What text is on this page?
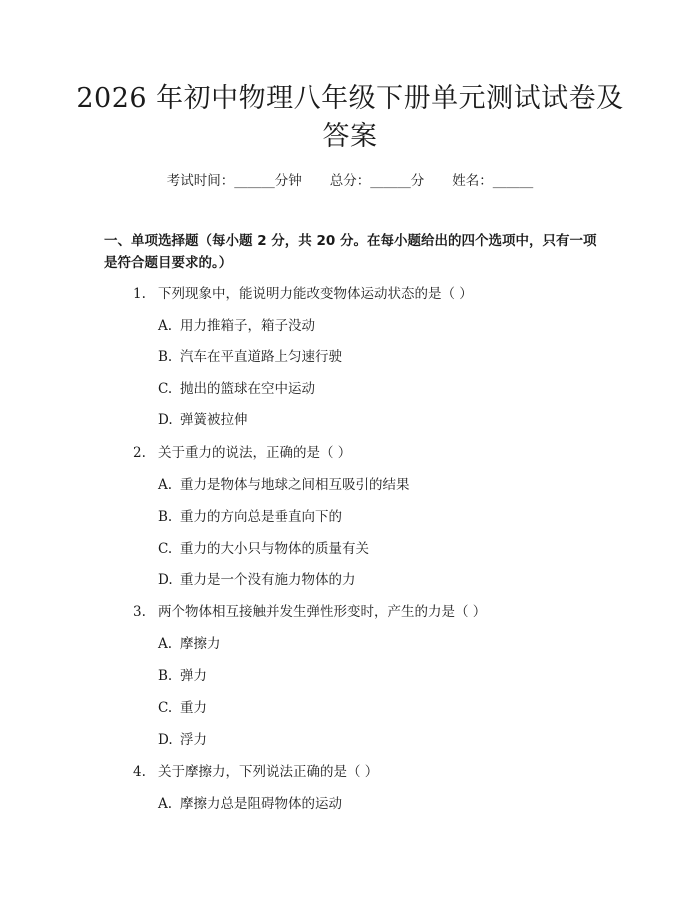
2026 年初中物理八年级下册单元测试试卷及
答案
考试时间：______分钟 总分：______分 姓名：______
一、单项选择题（每小题 2 分，共 20 分。在每小题给出的四个选项中，只有一项
是符合题目要求的。）
1. 下列现象中，能说明力能改变物体运动状态的是（ ）
A. 用力推箱子，箱子没动
B. 汽车在平直道路上匀速行驶
C. 抛出的篮球在空中运动
D. 弹簧被拉伸
2. 关于重力的说法，正确的是（ ）
A. 重力是物体与地球之间相互吸引的结果
B. 重力的方向总是垂直向下的
C. 重力的大小只与物体的质量有关
D. 重力是一个没有施力物体的力
3. 两个物体相互接触并发生弹性形变时，产生的力是（ ）
A. 摩擦力
B. 弹力
C. 重力
D. 浮力
4. 关于摩擦力，下列说法正确的是（ ）
A. 摩擦力总是阻碍物体的运动
